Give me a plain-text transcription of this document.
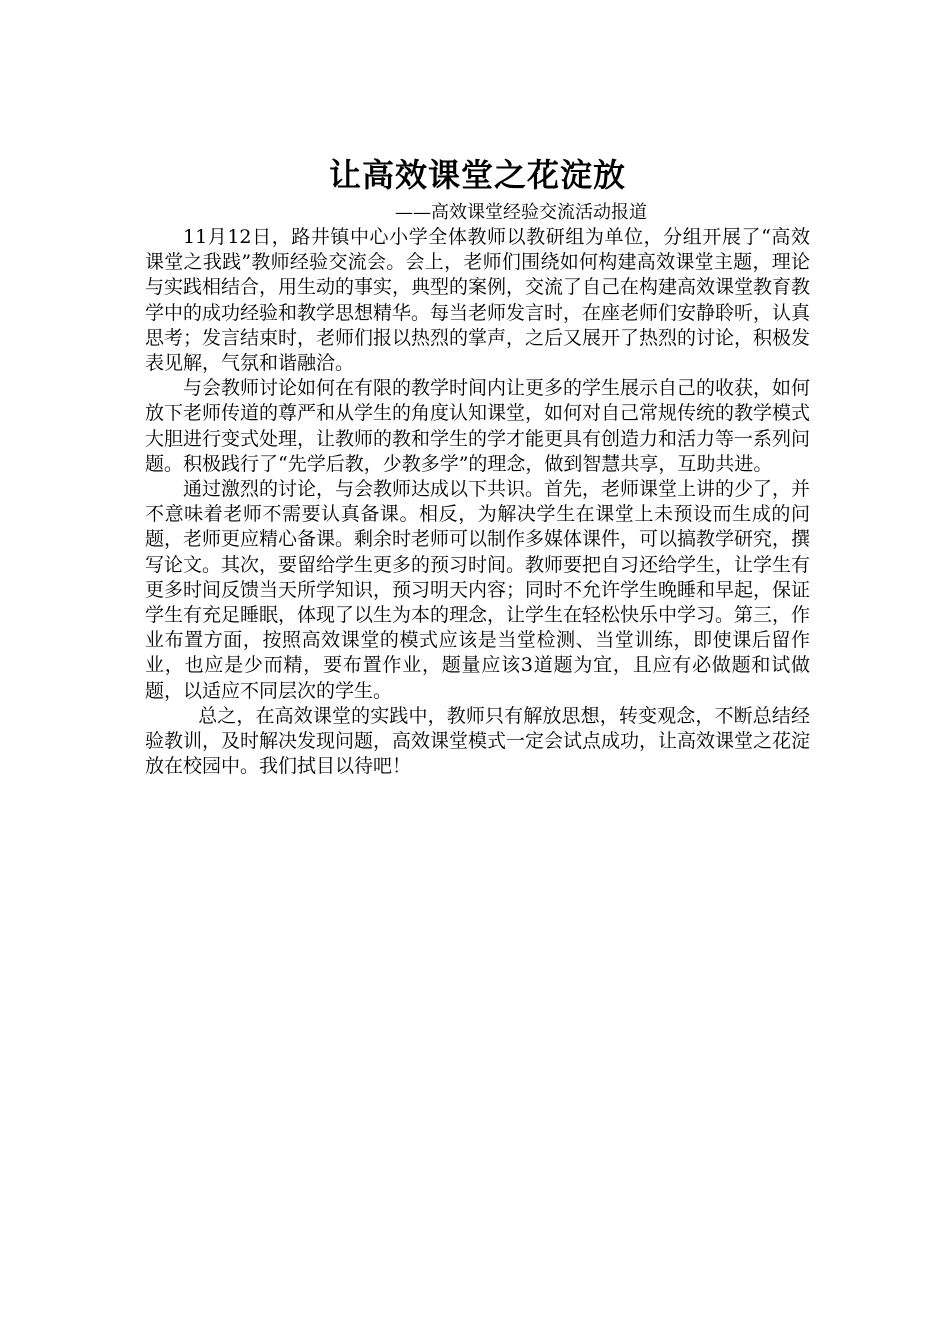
让高效课堂之花淀放

——高效课堂经验交流活动报道

11月12日，路井镇中心小学全体教师以教研组为单位，分组开展了“高效课堂之我践”教师经验交流会。会上，老师们围绕如何构建高效课堂主题，理论与实践相结合，用生动的事实，典型的案例，交流了自己在构建高效课堂教育教学中的成功经验和教学思想精华。每当老师发言时，在座老师们安静聆听，认真思考；发言结束时，老师们报以热烈的掌声，之后又展开了热烈的讨论，积极发表见解，气氛和谐融洽。

与会教师讨论如何在有限的教学时间内让更多的学生展示自己的收获，如何放下老师传道的尊严和从学生的角度认知课堂，如何对自己常规传统的教学模式大胆进行变式处理，让教师的教和学生的学才能更具有创造力和活力等一系列问题。积极践行了“先学后教，少教多学”的理念，做到智慧共享，互助共进。

通过激烈的讨论，与会教师达成以下共识。首先，老师课堂上讲的少了，并不意味着老师不需要认真备课。相反，为解决学生在课堂上未预设而生成的问题，老师更应精心备课。剩余时老师可以制作多媒体课件，可以搞教学研究，撰写论文。其次，要留给学生更多的预习时间。教师要把自习还给学生，让学生有更多时间反馈当天所学知识，预习明天内容；同时不允许学生晚睡和早起，保证学生有充足睡眠，体现了以生为本的理念，让学生在轻松快乐中学习。第三，作业布置方面，按照高效课堂的模式应该是当堂检测、当堂训练，即使课后留作业，也应是少而精，要布置作业，题量应该3道题为宜，且应有必做题和试做题，以适应不同层次的学生。

总之，在高效课堂的实践中，教师只有解放思想，转变观念，不断总结经验教训，及时解决发现问题，高效课堂模式一定会试点成功，让高效课堂之花淀放在校园中。我们拭目以待吧！
